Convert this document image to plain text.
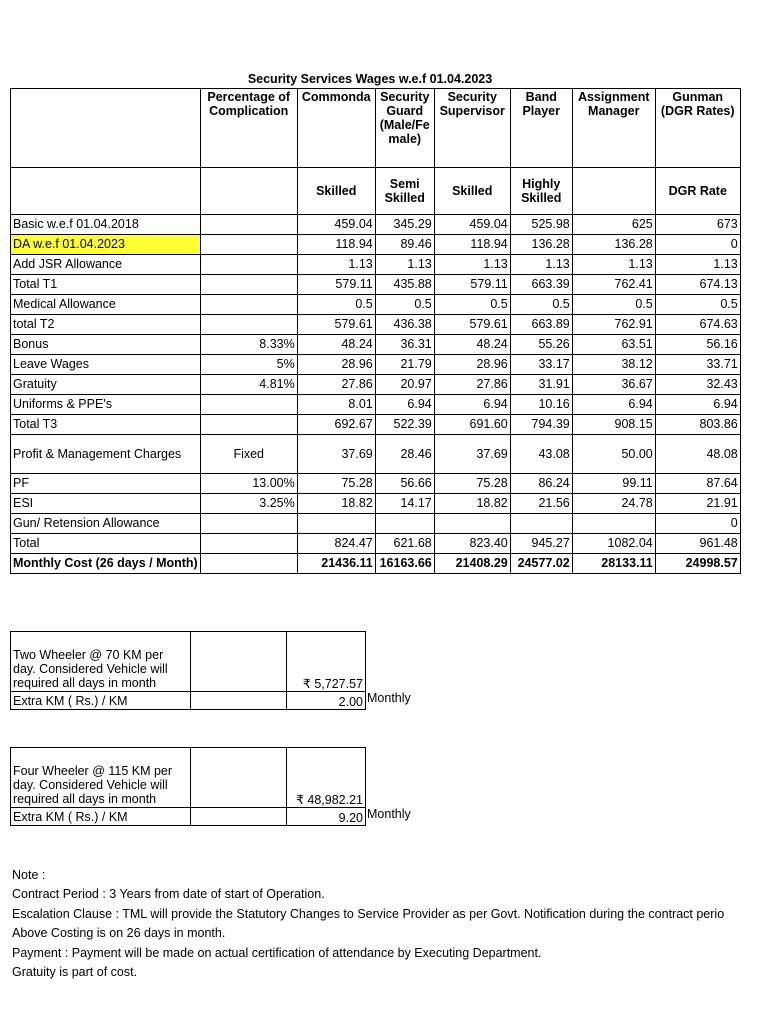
Security Services Wages w.e.f 01.04.2023
	Percentage of Complication	Commonda	Security Guard (Male/Fe male)	Security Supervisor	Band Player	Assignment Manager	Gunman (DGR Rates)
		Skilled	Semi Skilled	Skilled	Highly Skilled		DGR Rate
Basic w.e.f 01.04.2018		459.04	345.29	459.04	525.98	625	673
DA w.e.f 01.04.2023		118.94	89.46	118.94	136.28	136.28	0
Add JSR Allowance		1.13	1.13	1.13	1.13	1.13	1.13
Total T1		579.11	435.88	579.11	663.39	762.41	674.13
Medical Allowance		0.5	0.5	0.5	0.5	0.5	0.5
total T2		579.61	436.38	579.61	663.89	762.91	674.63
Bonus	8.33%	48.24	36.31	48.24	55.26	63.51	56.16
Leave Wages	5%	28.96	21.79	28.96	33.17	38.12	33.71
Gratuity	4.81%	27.86	20.97	27.86	31.91	36.67	32.43
Uniforms & PPE's		8.01	6.94	6.94	10.16	6.94	6.94
Total T3		692.67	522.39	691.60	794.39	908.15	803.86
Profit & Management Charges	Fixed	37.69	28.46	37.69	43.08	50.00	48.08
PF	13.00%	75.28	56.66	75.28	86.24	99.11	87.64
ESI	3.25%	18.82	14.17	18.82	21.56	24.78	21.91
Gun/ Retension Allowance							0
Total		824.47	621.68	823.40	945.27	1082.04	961.48
Monthly Cost (26 days / Month)		21436.11	16163.66	21408.29	24577.02	28133.11	24998.57
Two Wheeler @ 70 KM per day. Considered Vehicle will required all days in month		₹ 5,727.57
Extra KM ( Rs.) / KM		2.00 Monthly
Four Wheeler @ 115 KM per day. Considered Vehicle will required all days in month		₹ 48,982.21
Extra KM ( Rs.) / KM		9.20 Monthly
Note :
Contract Period : 3 Years from date of start of Operation.
Escalation Clause : TML will provide the Statutory Changes to Service Provider as per Govt. Notification during the contract perio
Above Costing is on 26 days in month.
Payment : Payment will be made on actual certification of attendance by Executing Department.
Gratuity is part of cost.
